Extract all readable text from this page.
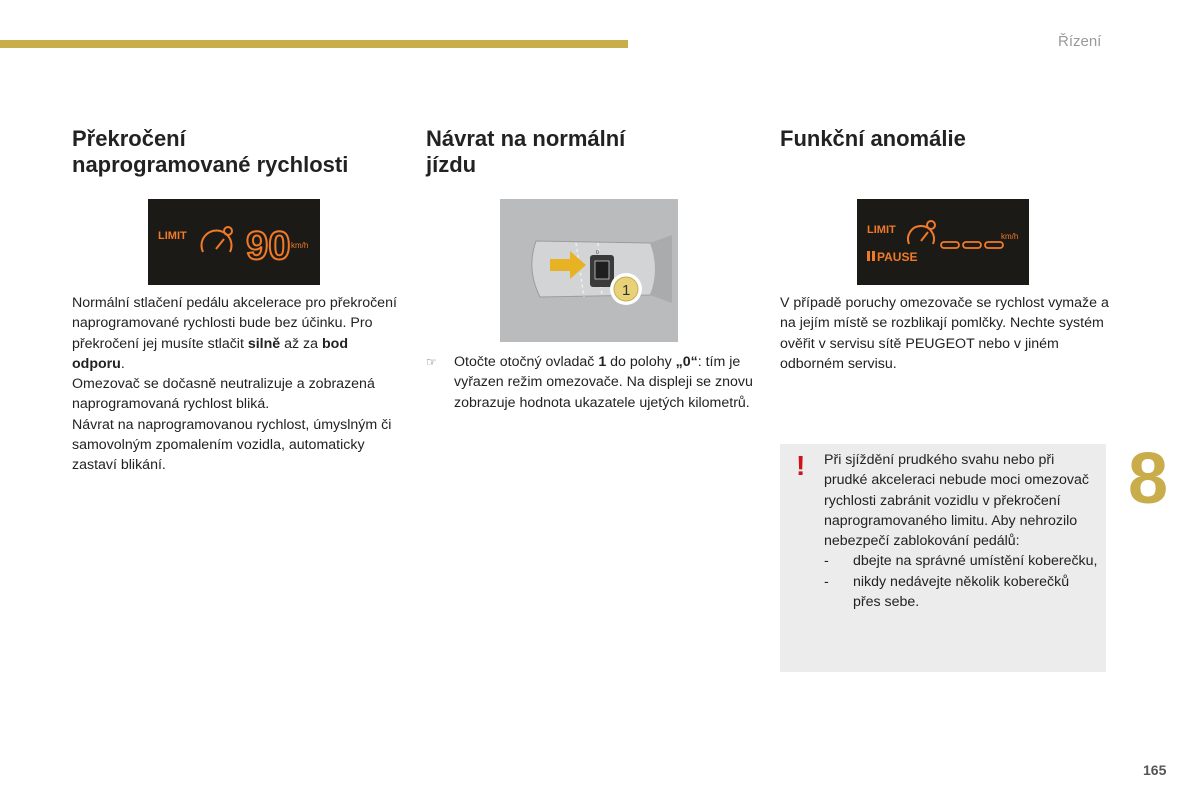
Řízení
8
165
Překročení
naprogramované rychlosti
LIMIT 90 km/h

Normální stlačení pedálu akcelerace pro překročení naprogramované rychlosti bude bez účinku. Pro překročení jej musíte stlačit silně až za bod odporu.

Omezovač se dočasně neutralizuje a zobrazená naprogramovaná rychlost bliká.

Návrat na naprogramovanou rychlost, úmyslným či samovolným zpomalením vozidla, automaticky zastaví blikání.

Návrat na normální
jízdu
0
1
☞ Otočte otočný ovladač 1 do polohy „0“: tím je vyřazen režim omezovače. Na displeji se znovu zobrazuje hodnota ukazatele ujetých kilometrů.
Funkční anomálie
LIMIT
PAUSE
km/h

V případě poruchy omezovače se rychlost vymaže a na jejím místě se rozblikají pomlčky. Nechte systém ověřit v servisu sítě PEUGEOT nebo v jiném odborném servisu.

! Při sjíždění prudkého svahu nebo při prudké akceleraci nebude moci omezovač rychlosti zabránit vozidlu v překročení naprogramovaného limitu. Aby nehrozilo nebezpečí zablokování pedálů:

- dbejte na správné umístění koberečku,
- nikdy nedávejte několik koberečků přes sebe.
